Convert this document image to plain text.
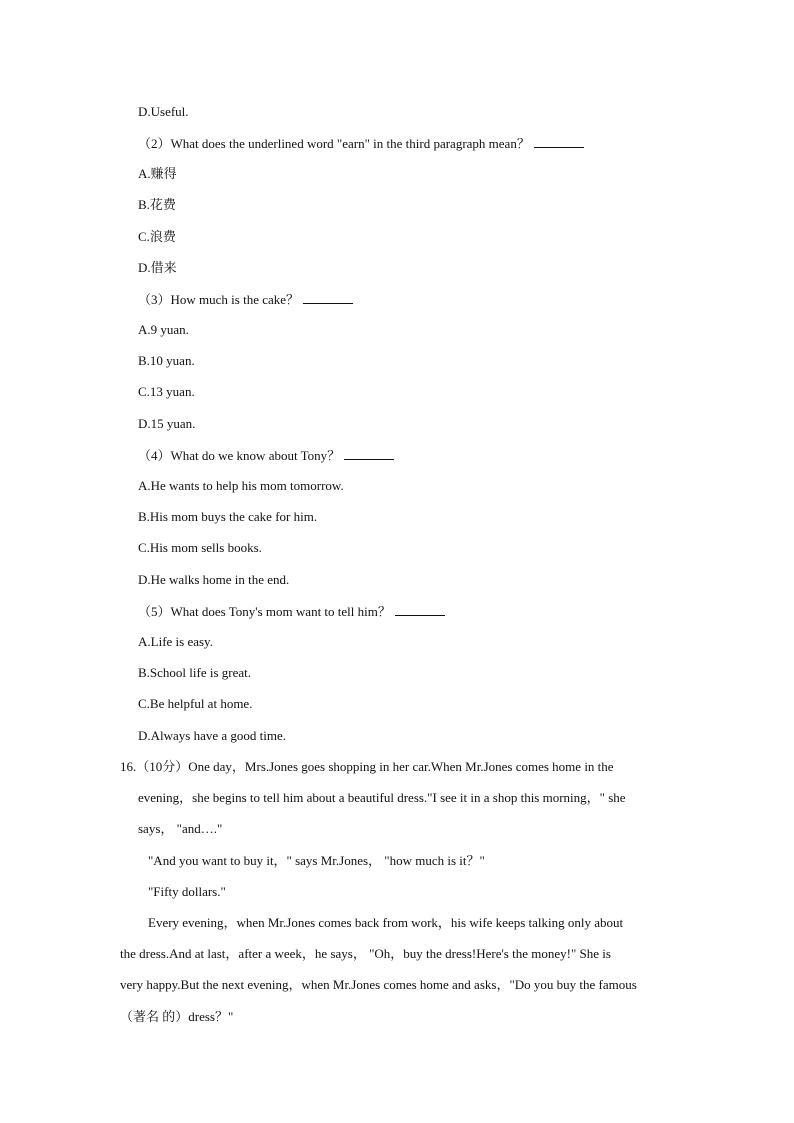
D.Useful.
（2）What does the underlined word "earn" in the third paragraph mean？
A.赚得
B.花费
C.浪费
D.借来
（3）How much is the cake？
A.9 yuan.
B.10 yuan.
C.13 yuan.
D.15 yuan.
（4）What do we know about Tony？
A.He wants to help his mom tomorrow.
B.His mom buys the cake for him.
C.His mom sells books.
D.He walks home in the end.
（5）What does Tony's mom want to tell him？
A.Life is easy.
B.School life is great.
C.Be helpful at home.
D.Always have a good time.
16.（10分）One day，Mrs.Jones goes shopping in her car.When Mr.Jones comes home in the
evening，she begins to tell him about a beautiful dress."I see it in a shop this morning，" she
says， "and…."
"And you want to buy it，" says Mr.Jones， "how much is it？"
"Fifty dollars."
Every evening，when Mr.Jones comes back from work，his wife keeps talking only about
the dress.And at last，after a week，he says， "Oh，buy the dress!Here's the money!" She is
very happy.But the next evening，when Mr.Jones comes home and asks，"Do you buy the famous
（著名 的）dress？"
